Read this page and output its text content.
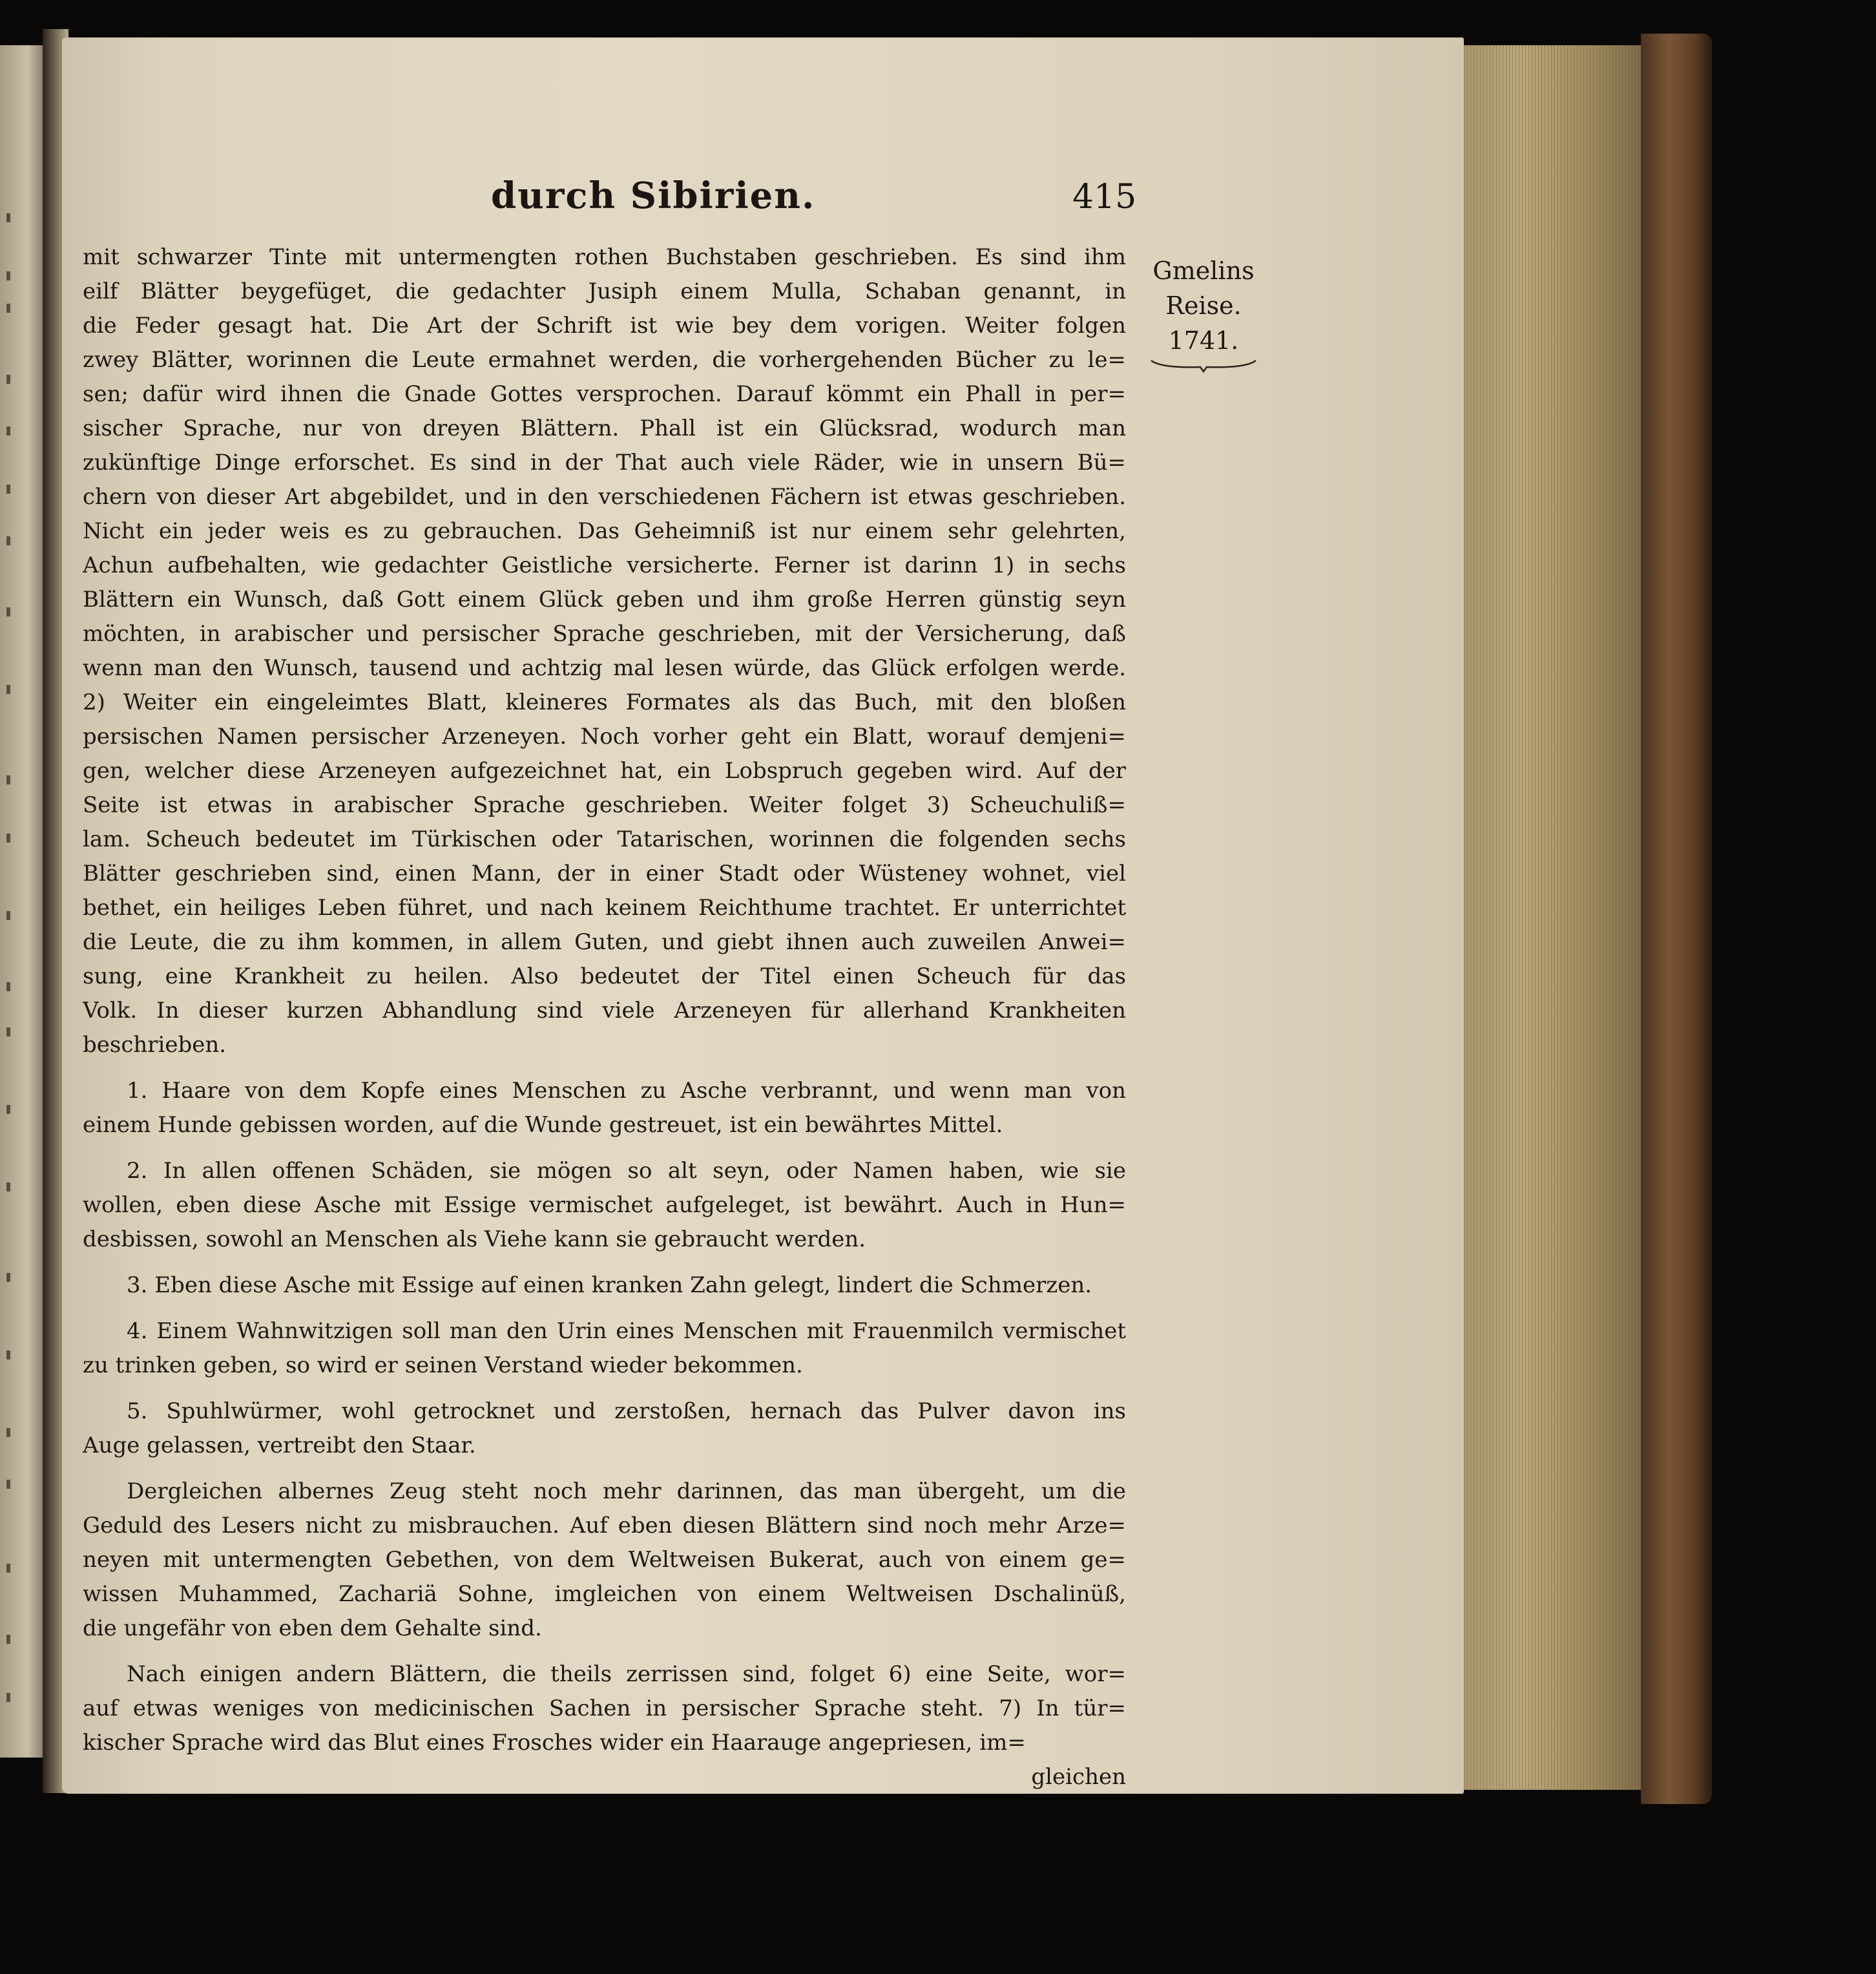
durch Sibirien.	415
Gmelins
Reise.
1741.
mit schwarzer Tinte mit untermengten rothen Buchstaben geschrieben. Es sind ihm
eilf Blätter beygefüget, die gedachter Jusiph einem Mulla, Schaban genannt, in
die Feder gesagt hat. Die Art der Schrift ist wie bey dem vorigen. Weiter folgen
zwey Blätter, worinnen die Leute ermahnet werden, die vorhergehenden Bücher zu le=
sen; dafür wird ihnen die Gnade Gottes versprochen. Darauf kömmt ein Phall in per=
sischer Sprache, nur von dreyen Blättern. Phall ist ein Glücksrad, wodurch man
zukünftige Dinge erforschet. Es sind in der That auch viele Räder, wie in unsern Bü=
chern von dieser Art abgebildet, und in den verschiedenen Fächern ist etwas geschrieben.
Nicht ein jeder weis es zu gebrauchen. Das Geheimniß ist nur einem sehr gelehrten,
Achun aufbehalten, wie gedachter Geistliche versicherte. Ferner ist darinn 1) in sechs
Blättern ein Wunsch, daß Gott einem Glück geben und ihm große Herren günstig seyn
möchten, in arabischer und persischer Sprache geschrieben, mit der Versicherung, daß
wenn man den Wunsch, tausend und achtzig mal lesen würde, das Glück erfolgen werde.
2) Weiter ein eingeleimtes Blatt, kleineres Formates als das Buch, mit den bloßen
persischen Namen persischer Arzeneyen. Noch vorher geht ein Blatt, worauf demjeni=
gen, welcher diese Arzeneyen aufgezeichnet hat, ein Lobspruch gegeben wird. Auf der
Seite ist etwas in arabischer Sprache geschrieben. Weiter folget 3) Scheuchuliß=
lam. Scheuch bedeutet im Türkischen oder Tatarischen, worinnen die folgenden sechs
Blätter geschrieben sind, einen Mann, der in einer Stadt oder Wüsteney wohnet, viel
bethet, ein heiliges Leben führet, und nach keinem Reichthume trachtet. Er unterrichtet
die Leute, die zu ihm kommen, in allem Guten, und giebt ihnen auch zuweilen Anwei=
sung, eine Krankheit zu heilen. Also bedeutet der Titel einen Scheuch für das
Volk. In dieser kurzen Abhandlung sind viele Arzeneyen für allerhand Krankheiten
beschrieben.
1. Haare von dem Kopfe eines Menschen zu Asche verbrannt, und wenn man von
einem Hunde gebissen worden, auf die Wunde gestreuet, ist ein bewährtes Mittel.
2. In allen offenen Schäden, sie mögen so alt seyn, oder Namen haben, wie sie
wollen, eben diese Asche mit Essige vermischet aufgeleget, ist bewährt. Auch in Hun=
desbissen, sowohl an Menschen als Viehe kann sie gebraucht werden.
3. Eben diese Asche mit Essige auf einen kranken Zahn gelegt, lindert die Schmerzen.
4. Einem Wahnwitzigen soll man den Urin eines Menschen mit Frauenmilch vermischet
zu trinken geben, so wird er seinen Verstand wieder bekommen.
5. Spuhlwürmer, wohl getrocknet und zerstoßen, hernach das Pulver davon ins
Auge gelassen, vertreibt den Staar.
Dergleichen albernes Zeug steht noch mehr darinnen, das man übergeht, um die
Geduld des Lesers nicht zu misbrauchen. Auf eben diesen Blättern sind noch mehr Arze=
neyen mit untermengten Gebethen, von dem Weltweisen Bukerat, auch von einem ge=
wissen Muhammed, Zachariä Sohne, imgleichen von einem Weltweisen Dschalinüß,
die ungefähr von eben dem Gehalte sind.
Nach einigen andern Blättern, die theils zerrissen sind, folget 6) eine Seite, wor=
auf etwas weniges von medicinischen Sachen in persischer Sprache steht. 7) In tür=
kischer Sprache wird das Blut eines Frosches wider ein Haarauge angepriesen, im=
gleichen
